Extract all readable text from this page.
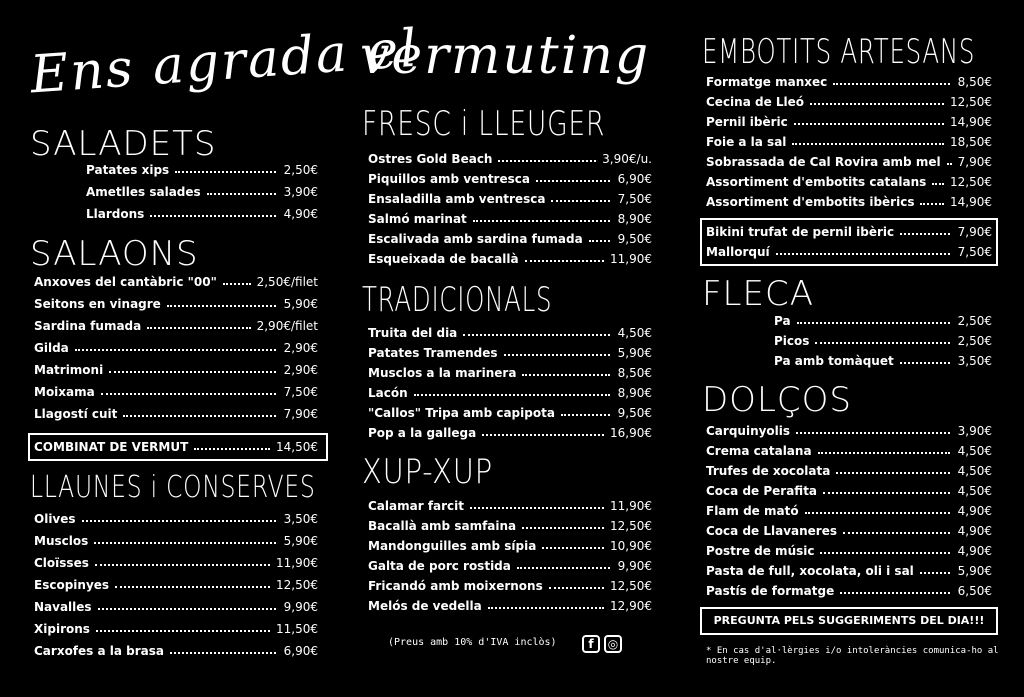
Ens agrada el
vermuting
SALADETS
SALAONS
LLAUNES i CONSERVES
FRESC i LLEUGER
TRADICIONALS
XUP-XUP
EMBOTITS ARTESANS
FLECA
DOLÇOS
Patates xips	2,50€
Ametlles salades	3,90€
Llardons	4,90€
Anxoves del cantàbric "00"	2,50€/filet
Seitons en vinagre	5,90€
Sardina fumada	2,90€/filet
Gilda	2,90€
Matrimoni	2,90€
Moixama	7,50€
Llagostí cuit	7,90€
COMBINAT DE VERMUT	14,50€
Olives	3,50€
Musclos	5,90€
Cloïsses	11,90€
Escopinyes	12,50€
Navalles	9,90€
Xipirons	11,50€
Carxofes a la brasa	6,90€
Ostres Gold Beach	3,90€/u.
Piquillos amb ventresca	6,90€
Ensaladilla amb ventresca	7,50€
Salmó marinat	8,90€
Escalivada amb sardina fumada	9,50€
Esqueixada de bacallà	11,90€
Truita del dia	4,50€
Patates Tramendes	5,90€
Musclos a la marinera	8,50€
Lacón	8,90€
"Callos" Tripa amb capipota	9,50€
Pop a la gallega	16,90€
Calamar farcit	11,90€
Bacallà amb samfaina	12,50€
Mandonguilles amb sípia	10,90€
Galta de porc rostida	9,90€
Fricandó amb moixernons	12,50€
Melós de vedella	12,90€
(Preus amb 10% d'IVA inclòs)	f	◎
Formatge manxec	8,50€
Cecina de Lleó	12,50€
Pernil ibèric	14,90€
Foie a la sal	18,50€
Sobrassada de Cal Rovira amb mel	7,90€
Assortiment d'embotits catalans	12,50€
Assortiment d'embotits ibèrics	14,90€
Bikini trufat de pernil ibèric	7,90€
Mallorquí	7,50€
Pa	2,50€
Picos	2,50€
Pa amb tomàquet	3,50€
Carquinyolis	3,90€
Crema catalana	4,50€
Trufes de xocolata	4,50€
Coca de Perafita	4,50€
Flam de mató	4,90€
Coca de Llavaneres	4,90€
Postre de músic	4,90€
Pasta de full, xocolata, oli i sal	5,90€
Pastís de formatge	6,50€
PREGUNTA PELS SUGGERIMENTS DEL DIA!!!
* En cas d'al·lèrgies i/o intoleràncies comunica-ho al nostre equip.
